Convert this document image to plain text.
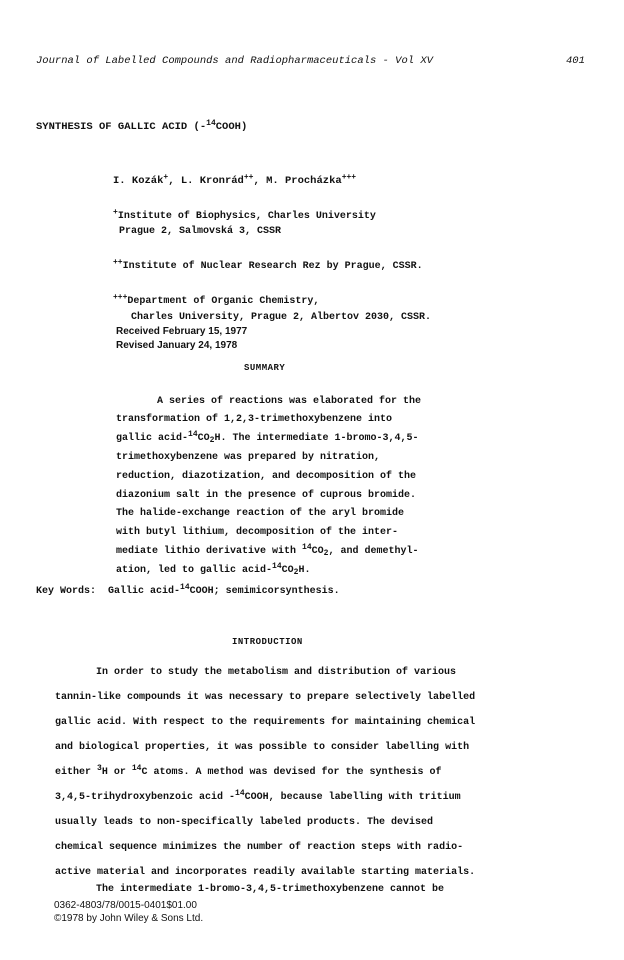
Journal of Labelled Compounds and Radiopharmaceuticals - Vol XV	401
SYNTHESIS OF GALLIC ACID (-$^{14}$COOH)
I. Kozák+, L. Kronrád++, M. Procházka+++
+Institute of Biophysics, Charles University
Prague 2, Salmovská 3, CSSR
++Institute of Nuclear Research Rez by Prague, CSSR.
+++Department of Organic Chemistry,
Charles University, Prague 2, Albertov 2030, CSSR.
Received February 15, 1977
Revised January 24, 1978
SUMMARY
A series of reactions was elaborated for the
transformation of 1,2,3-trimethoxybenzene into
gallic acid-$^{14}CO_2H$. The intermediate 1-bromo-3,4,5-
trimethoxybenzene was prepared by nitration,
reduction, diazotization, and decomposition of the
diazonium salt in the presence of cuprous bromide.
The halide-exchange reaction of the aryl bromide
with butyl lithium, decomposition of the inter-
mediate lithio derivative with $^{14}CO_2$, and demethyl-
ation, led to gallic acid-$^{14}CO_2H$.
Key Words:  Gallic acid-$^{14}$COOH; semimicorsynthesis.
INTRODUCTION
In order to study the metabolism and distribution of various
tannin-like compounds it was necessary to prepare selectively labelled
gallic acid. With respect to the requirements for maintaining chemical
and biological properties, it was possible to consider labelling with
either $^3$H or $^{14}$C atoms. A method was devised for the synthesis of
3,4,5-trihydroxybenzoic acid -$^{14}$COOH, because labelling with tritium
usually leads to non-specifically labeled products. The devised
chemical sequence minimizes the number of reaction steps with radio-
active material and incorporates readily available starting materials.
The intermediate 1-bromo-3,4,5-trimethoxybenzene cannot be
0362-4803/78/0015-0401$01.00
©1978 by John Wiley & Sons Ltd.
